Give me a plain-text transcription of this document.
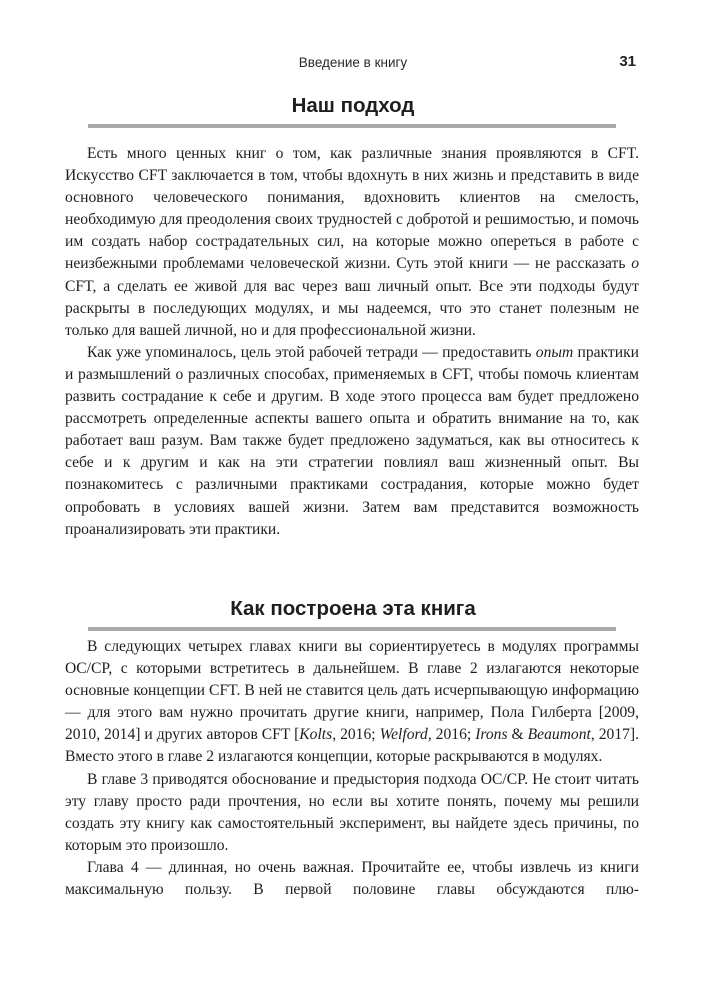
Введение в книгу	31
Наш подход

Есть много ценных книг о том, как различные знания проявляются в CFT. Искусство CFT заключается в том, чтобы вдохнуть в них жизнь и представить в виде основного человеческого понимания, вдохновить клиентов на смелость, необходимую для преодоления своих трудностей с добротой и решимостью, и помочь им создать набор сострадательных сил, на которые можно опереться в работе с неизбежными проблемами человеческой жизни. Суть этой книги — не рассказать о CFT, а сделать ее живой для вас через ваш личный опыт. Все эти подходы будут раскрыты в последующих модулях, и мы надеемся, что это станет полезным не только для вашей личной, но и для профессиональной жизни.

Как уже упоминалось, цель этой рабочей тетради — предоставить опыт практики и размышлений о различных способах, применяемых в CFT, чтобы помочь клиентам развить сострадание к себе и другим. В ходе этого процесса вам будет предложено рассмотреть определенные аспекты вашего опыта и обратить внимание на то, как работает ваш разум. Вам также будет предложено задуматься, как вы относитесь к себе и к другим и как на эти стратегии повлиял ваш жизненный опыт. Вы познакомитесь с различными практиками сострадания, которые можно будет опробовать в условиях вашей жизни. Затем вам представится возможность проанализировать эти практики.

Как построена эта книга

В следующих четырех главах книги вы сориентируетесь в модулях программы OC/CP, с которыми встретитесь в дальнейшем. В главе 2 излагаются некоторые основные концепции CFT. В ней не ставится цель дать исчерпывающую информацию — для этого вам нужно прочитать другие книги, например, Пола Гилберта [2009, 2010, 2014] и других авторов CFT [Kolts, 2016; Welford, 2016; Irons & Beaumont, 2017]. Вместо этого в главе 2 излагаются концепции, которые раскрываются в модулях.

В главе 3 приводятся обоснование и предыстория подхода OC/CP. Не стоит читать эту главу просто ради прочтения, но если вы хотите понять, почему мы решили создать эту книгу как самостоятельный эксперимент, вы найдете здесь причины, по которым это произошло.

Глава 4 — длинная, но очень важная. Прочитайте ее, чтобы извлечь из книги максимальную пользу. В первой половине главы обсуждаются плю-
